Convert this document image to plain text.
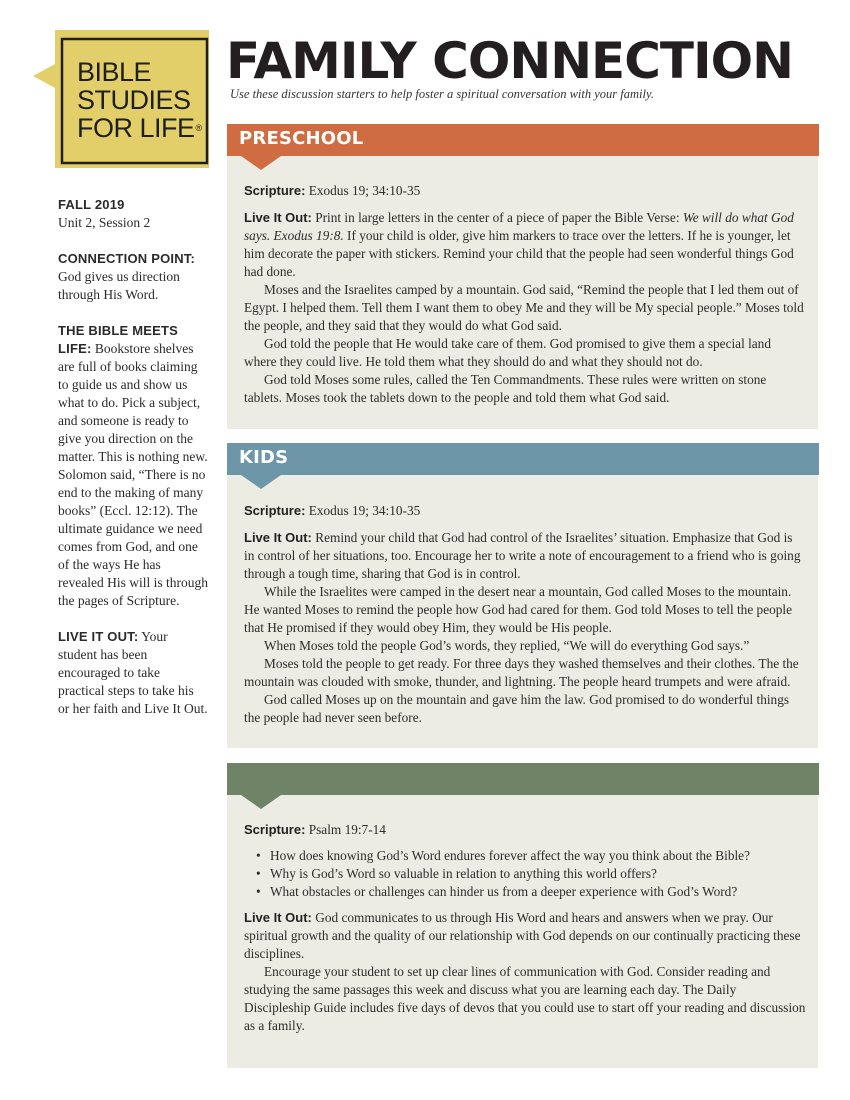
BIBLE
STUDIES
FOR LIFE®
FAMILY CONNECTION
Use these discussion starters to help foster a spiritual conversation with your family.

FALL 2019

Unit 2, Session 2

CONNECTION POINT: God gives us direction through His Word.

THE BIBLE MEETS LIFE: Bookstore shelves are full of books claiming to guide us and show us what to do. Pick a subject, and someone is ready to give you direction on the matter. This is nothing new. Solomon said, “There is no end to the making of many books” (Eccl. 12:12). The ultimate guidance we need comes from God, and one of the ways He has revealed His will is through the pages of Scripture.

LIVE IT OUT: Your student has been encouraged to take practical steps to take his or her faith and Live It Out.

PRESCHOOL

Scripture: Exodus 19; 34:10-35

Live It Out: Print in large letters in the center of a piece of paper the Bible Verse: We will do what God says. Exodus 19:8. If your child is older, give him markers to trace over the letters. If he is younger, let him decorate the paper with stickers. Remind your child that the people had seen wonderful things God had done.

Moses and the Israelites camped by a mountain. God said, “Remind the people that I led them out of Egypt. I helped them. Tell them I want them to obey Me and they will be My special people.” Moses told the people, and they said that they would do what God said.

God told the people that He would take care of them. God promised to give them a special land where they could live. He told them what they should do and what they should not do.

God told Moses some rules, called the Ten Commandments. These rules were written on stone tablets. Moses took the tablets down to the people and told them what God said.

KIDS

Scripture: Exodus 19; 34:10-35

Live It Out: Remind your child that God had control of the Israelites’ situation. Emphasize that God is in control of her situations, too. Encourage her to write a note of encouragement to a friend who is going through a tough time, sharing that God is in control.

While the Israelites were camped in the desert near a mountain, God called Moses to the mountain. He wanted Moses to remind the people how God had cared for them. God told Moses to tell the people that He promised if they would obey Him, they would be His people.

When Moses told the people God’s words, they replied, “We will do everything God says.”

Moses told the people to get ready. For three days they washed themselves and their clothes. The the mountain was clouded with smoke, thunder, and lightning. The people heard trumpets and were afraid.

God called Moses up on the mountain and gave him the law. God promised to do wonderful things the people had never seen before.

Scripture: Psalm 19:7-14

• How does knowing God’s Word endures forever affect the way you think about the Bible?
• Why is God’s Word so valuable in relation to anything this world offers?
• What obstacles or challenges can hinder us from a deeper experience with God’s Word?

Live It Out: God communicates to us through His Word and hears and answers when we pray. Our spiritual growth and the quality of our relationship with God depends on our continually practicing these disciplines.

Encourage your student to set up clear lines of communication with God. Consider reading and studying the same passages this week and discuss what you are learning each day. The Daily Discipleship Guide includes five days of devos that you could use to start off your reading and discussion as a family.
